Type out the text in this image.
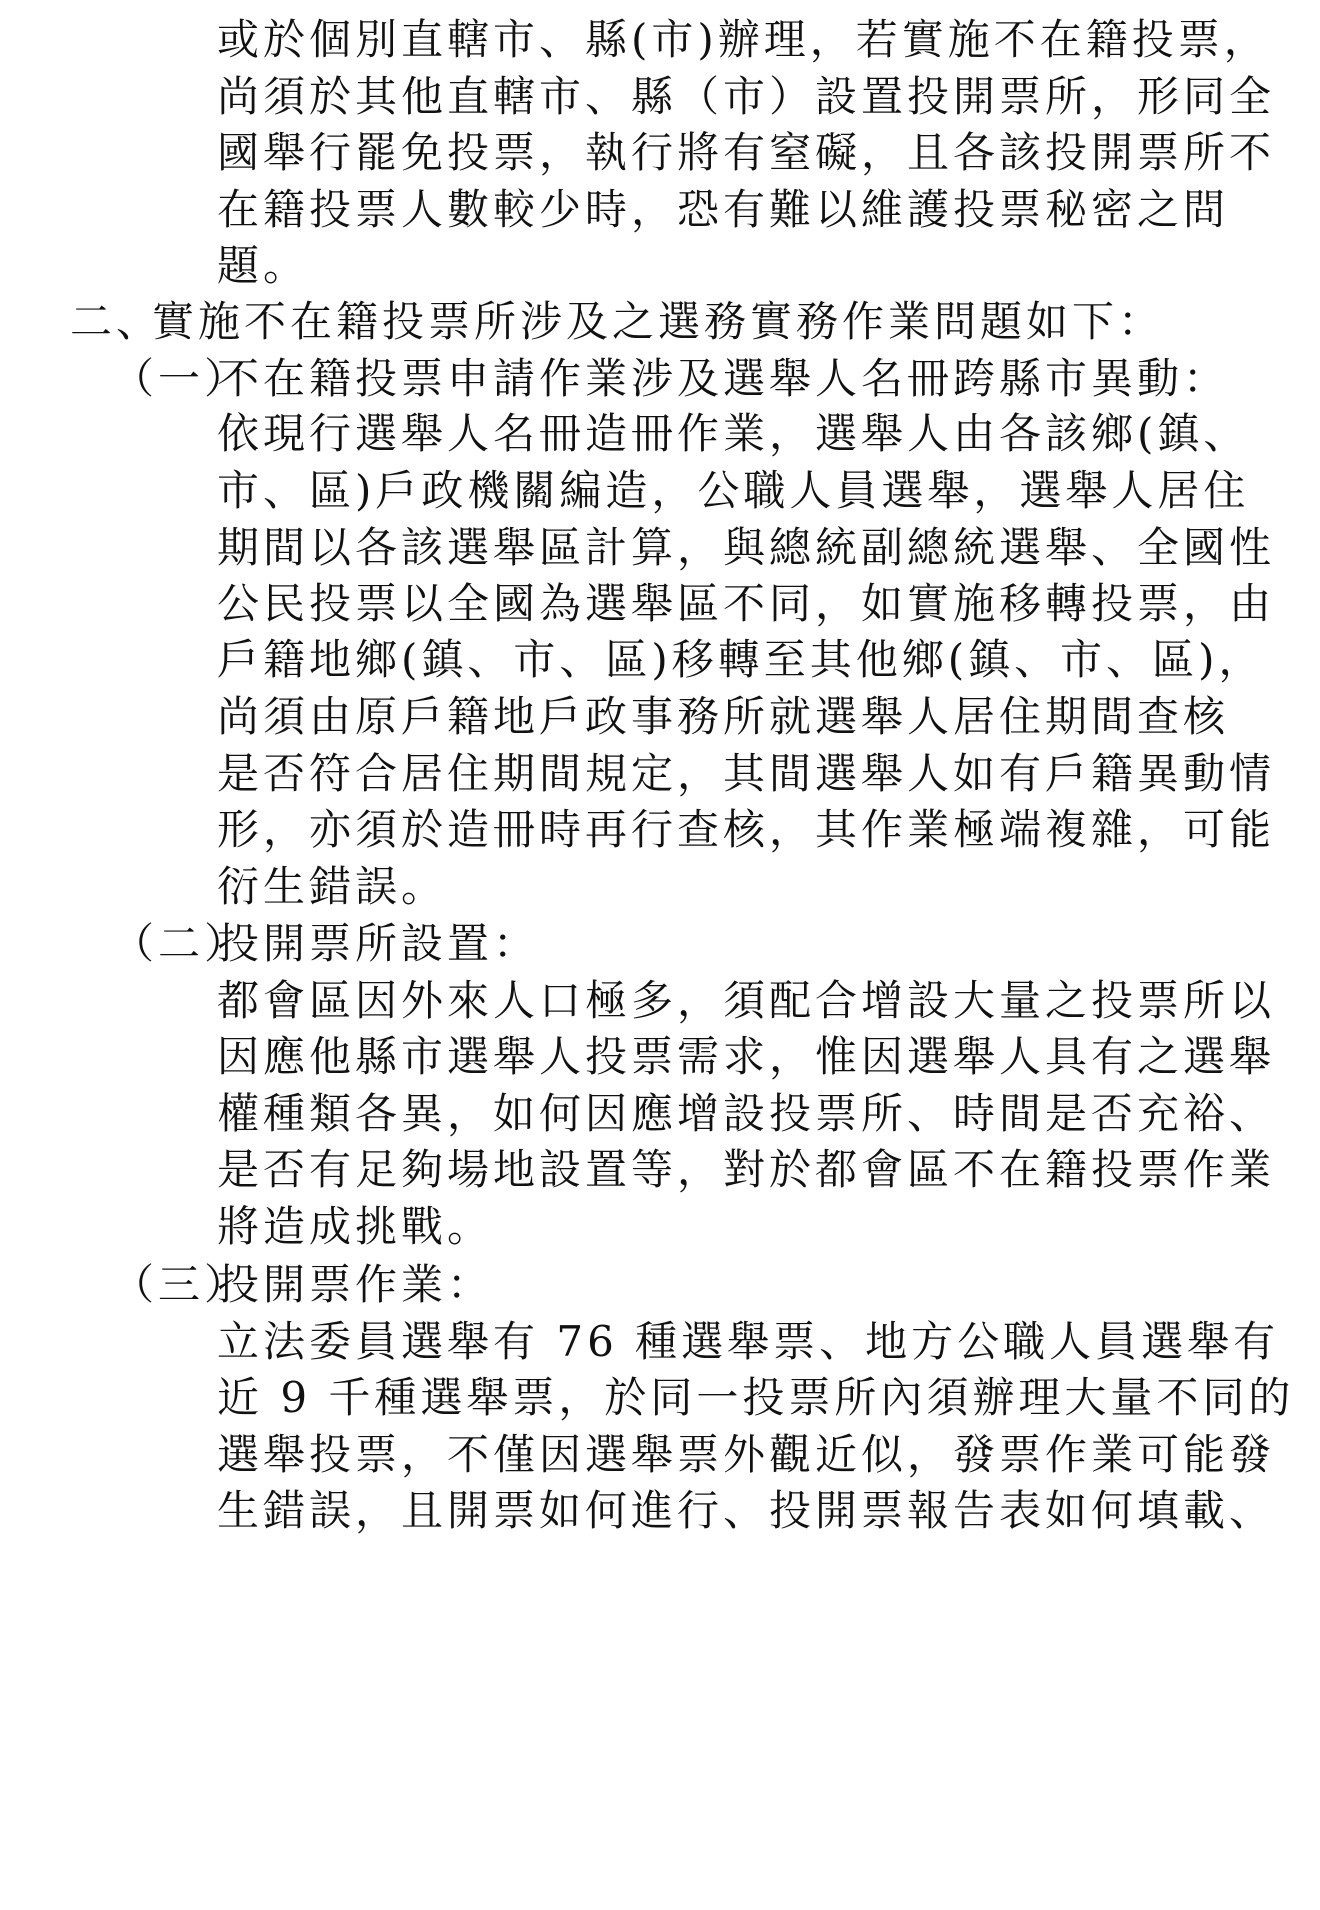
或於個別直轄市、縣(市)辦理，若實施不在籍投票，
尚須於其他直轄市、縣（市）設置投開票所，形同全
國舉行罷免投票，執行將有窒礙，且各該投開票所不
在籍投票人數較少時，恐有難以維護投票秘密之問
題。
二、
實施不在籍投票所涉及之選務實務作業問題如下：
（一）
不在籍投票申請作業涉及選舉人名冊跨縣市異動：
依現行選舉人名冊造冊作業，選舉人由各該鄉(鎮、
市、區)戶政機關編造，公職人員選舉，選舉人居住
期間以各該選舉區計算，與總統副總統選舉、全國性
公民投票以全國為選舉區不同，如實施移轉投票，由
戶籍地鄉(鎮、市、區)移轉至其他鄉(鎮、市、區)，
尚須由原戶籍地戶政事務所就選舉人居住期間查核
是否符合居住期間規定，其間選舉人如有戶籍異動情
形，亦須於造冊時再行查核，其作業極端複雜，可能
衍生錯誤。
（二）
投開票所設置：
都會區因外來人口極多，須配合增設大量之投票所以
因應他縣市選舉人投票需求，惟因選舉人具有之選舉
權種類各異，如何因應增設投票所、時間是否充裕、
是否有足夠場地設置等，對於都會區不在籍投票作業
將造成挑戰。
（三）
投開票作業：
立法委員選舉有 76 種選舉票、地方公職人員選舉有
近 9 千種選舉票，於同一投票所內須辦理大量不同的
選舉投票，不僅因選舉票外觀近似，發票作業可能發
生錯誤，且開票如何進行、投開票報告表如何填載、
